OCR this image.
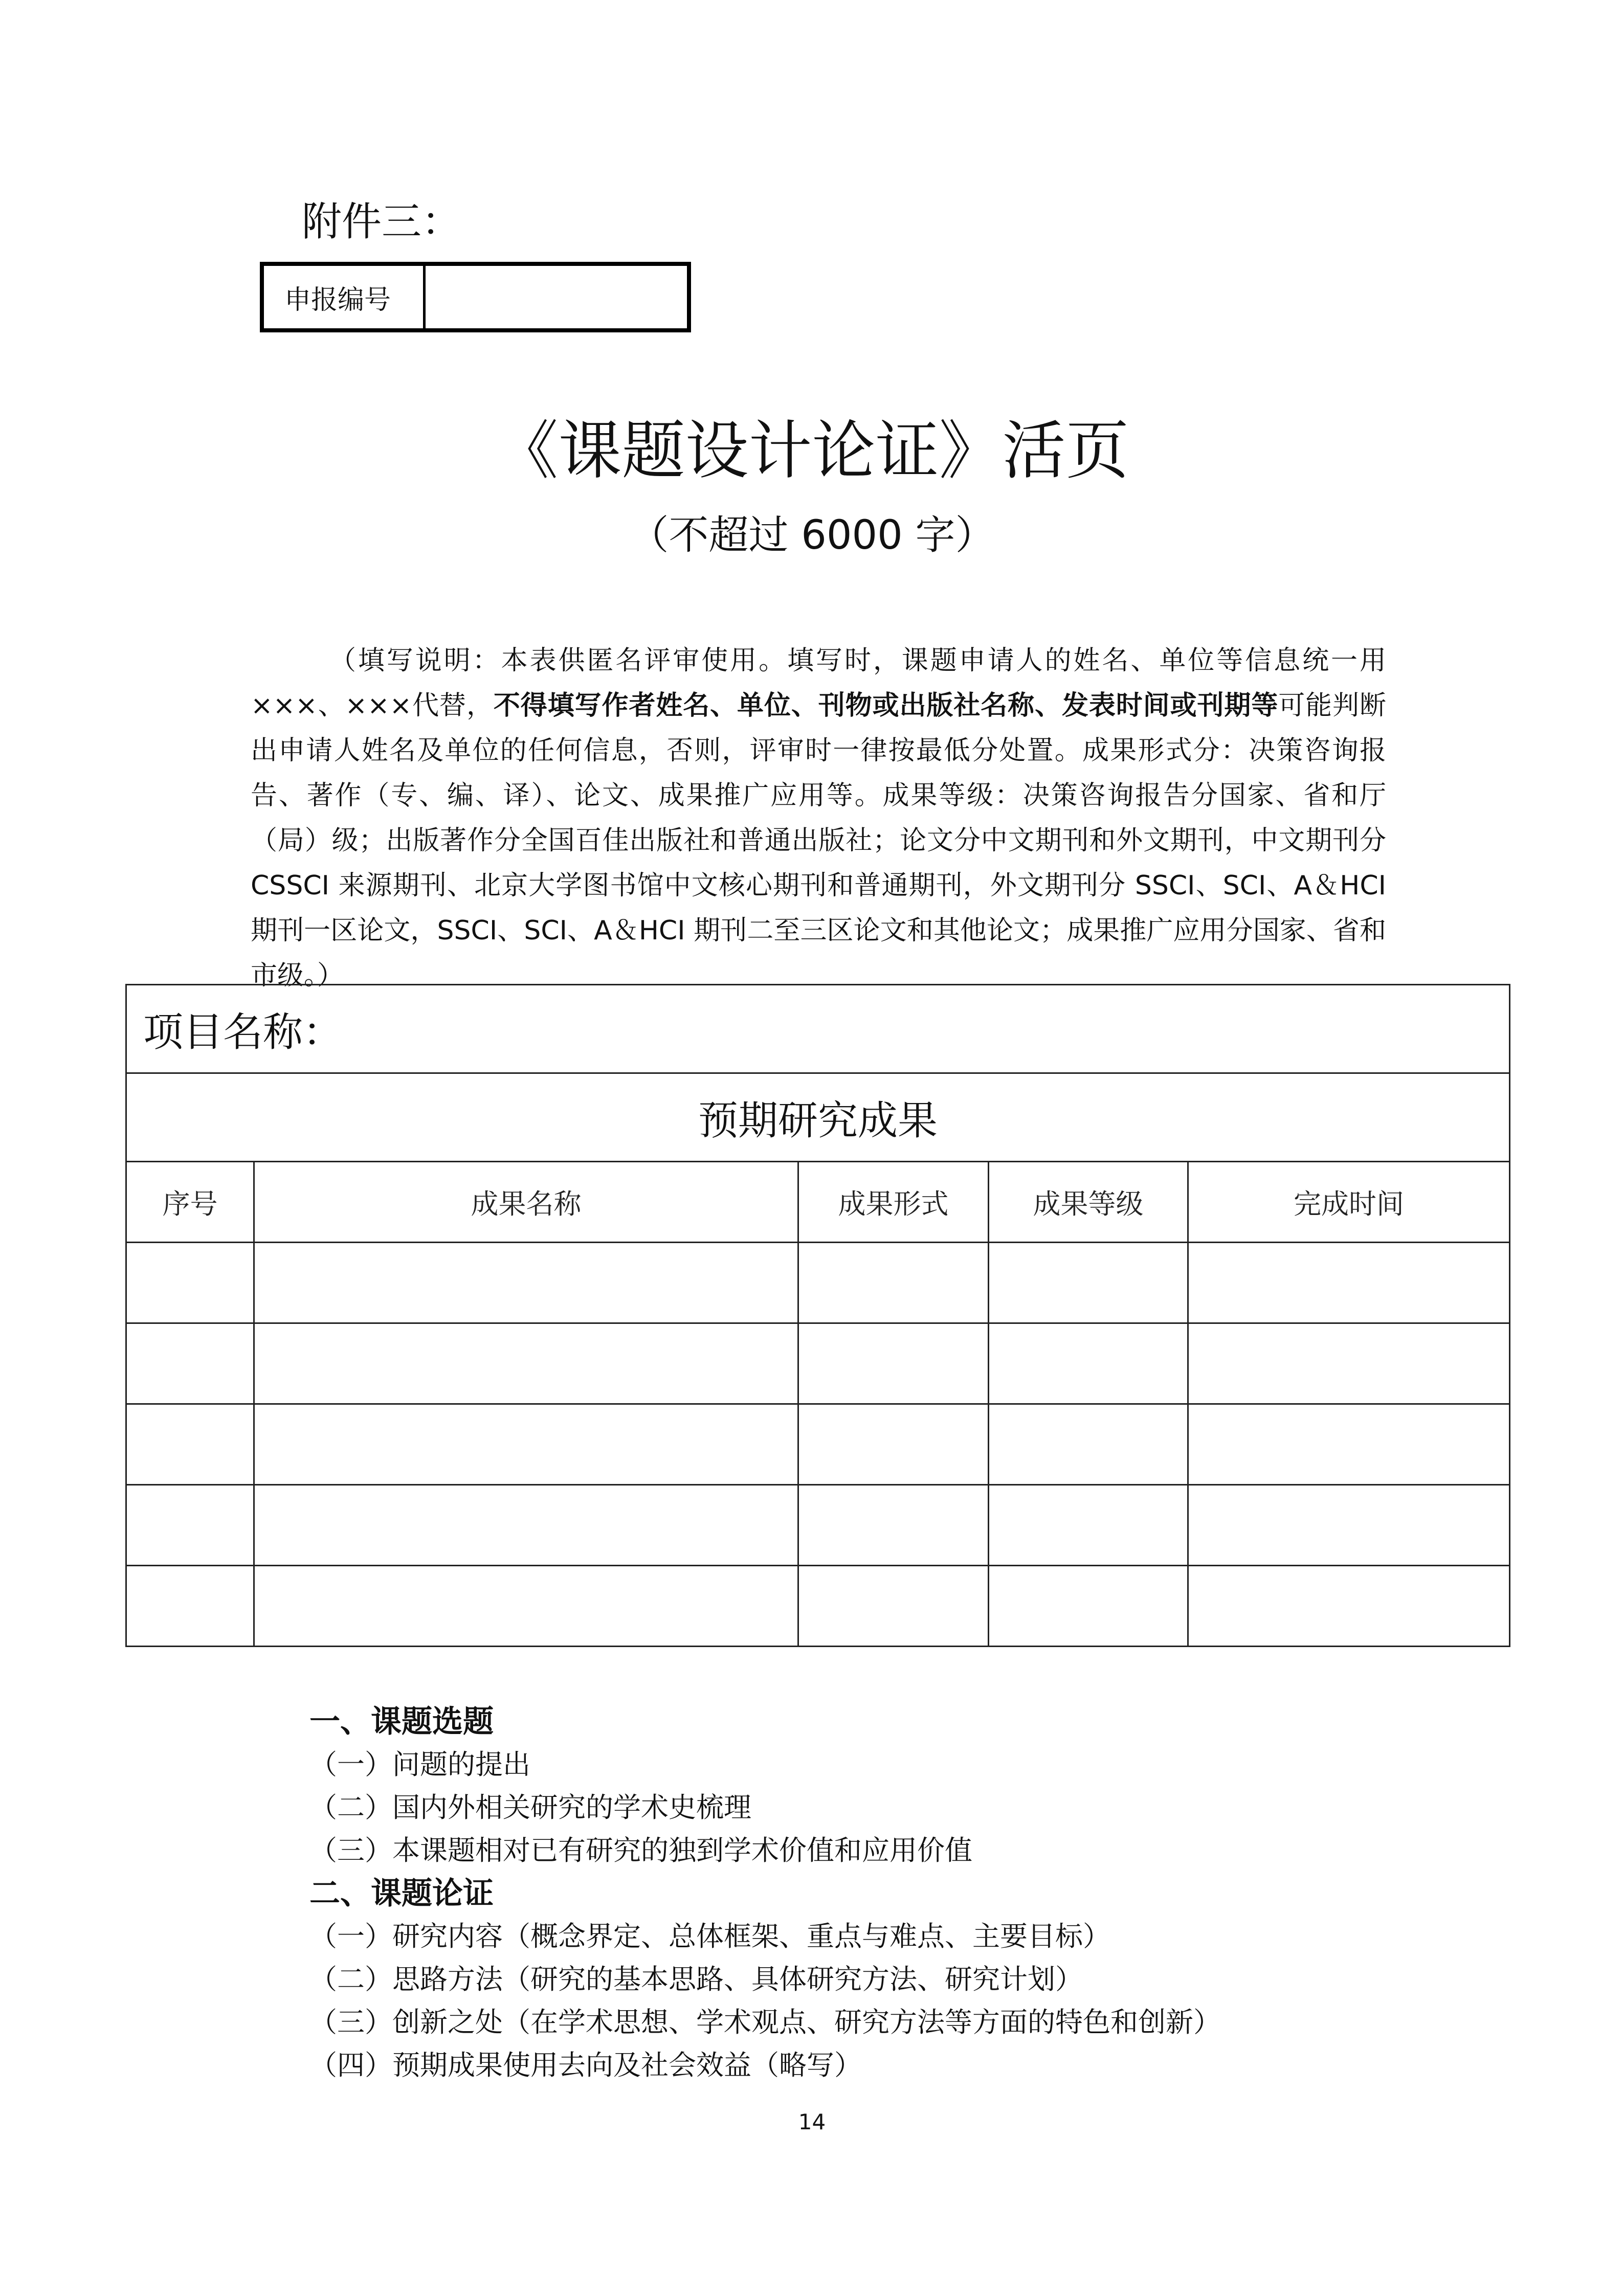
附件三：
申报编号
《课题设计论证》活页
（不超过 6000 字）
（填写说明：本表供匿名评审使用。填写时，课题申请人的姓名、单位等信息统一用×××、×××代替，不得填写作者姓名、单位、刊物或出版社名称、发表时间或刊期等可能判断出申请人姓名及单位的任何信息，否则，评审时一律按最低分处置。成果形式分：决策咨询报告、著作（专、编、译）、论文、成果推广应用等。成果等级：决策咨询报告分国家、省和厅（局）级；出版著作分全国百佳出版社和普通出版社；论文分中文期刊和外文期刊，中文期刊分 CSSCI 来源期刊、北京大学图书馆中文核心期刊和普通期刊，外文期刊分 SSCI、SCI、A＆HCI 期刊一区论文，SSCI、SCI、A＆HCI 期刊二至三区论文和其他论文；成果推广应用分国家、省和市级。）
项目名称：				
预期研究成果				
序号	成果名称	成果形式	成果等级	完成时间

一、课题选题
（一）问题的提出
（二）国内外相关研究的学术史梳理
（三）本课题相对已有研究的独到学术价值和应用价值
二、课题论证
（一）研究内容（概念界定、总体框架、重点与难点、主要目标）
（二）思路方法（研究的基本思路、具体研究方法、研究计划）
（三）创新之处（在学术思想、学术观点、研究方法等方面的特色和创新）
（四）预期成果使用去向及社会效益（略写）
14
